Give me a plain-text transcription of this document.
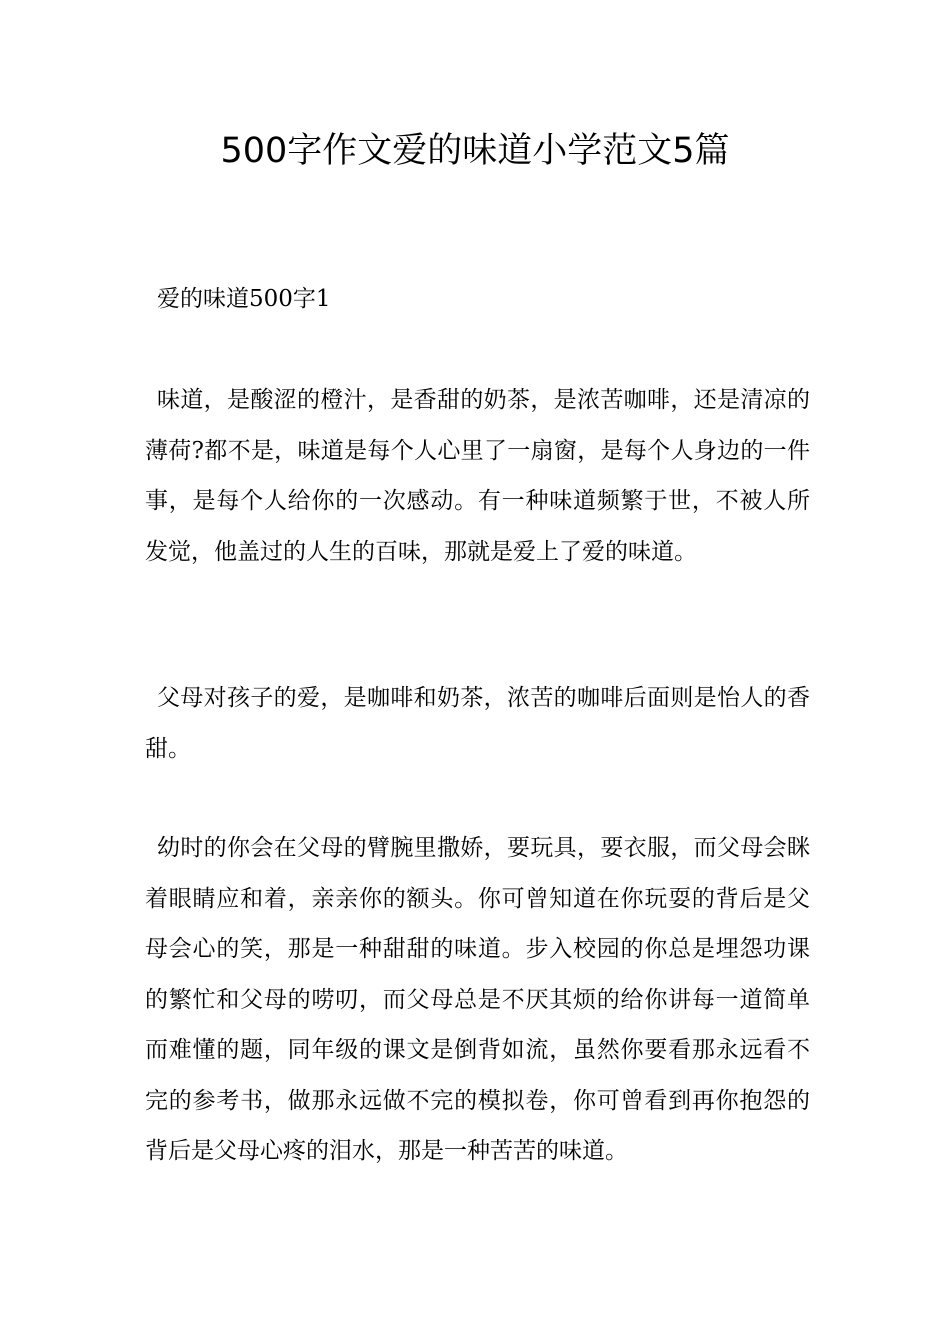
500字作文爱的味道小学范文5篇

爱的味道500字1

味道，是酸涩的橙汁，是香甜的奶茶，是浓苦咖啡，还是清凉的薄荷?都不是，味道是每个人心里了一扇窗，是每个人身边的一件事，是每个人给你的一次感动。有一种味道频繁于世，不被人所发觉，他盖过的人生的百味，那就是爱上了爱的味道。

父母对孩子的爱，是咖啡和奶茶，浓苦的咖啡后面则是怡人的香甜。

幼时的你会在父母的臂腕里撒娇，要玩具，要衣服，而父母会眯着眼睛应和着，亲亲你的额头。你可曾知道在你玩耍的背后是父母会心的笑，那是一种甜甜的味道。步入校园的你总是埋怨功课的繁忙和父母的唠叨，而父母总是不厌其烦的给你讲每一道简单而难懂的题，同年级的课文是倒背如流，虽然你要看那永远看不完的参考书，做那永远做不完的模拟卷，你可曾看到再你抱怨的背后是父母心疼的泪水，那是一种苦苦的味道。
